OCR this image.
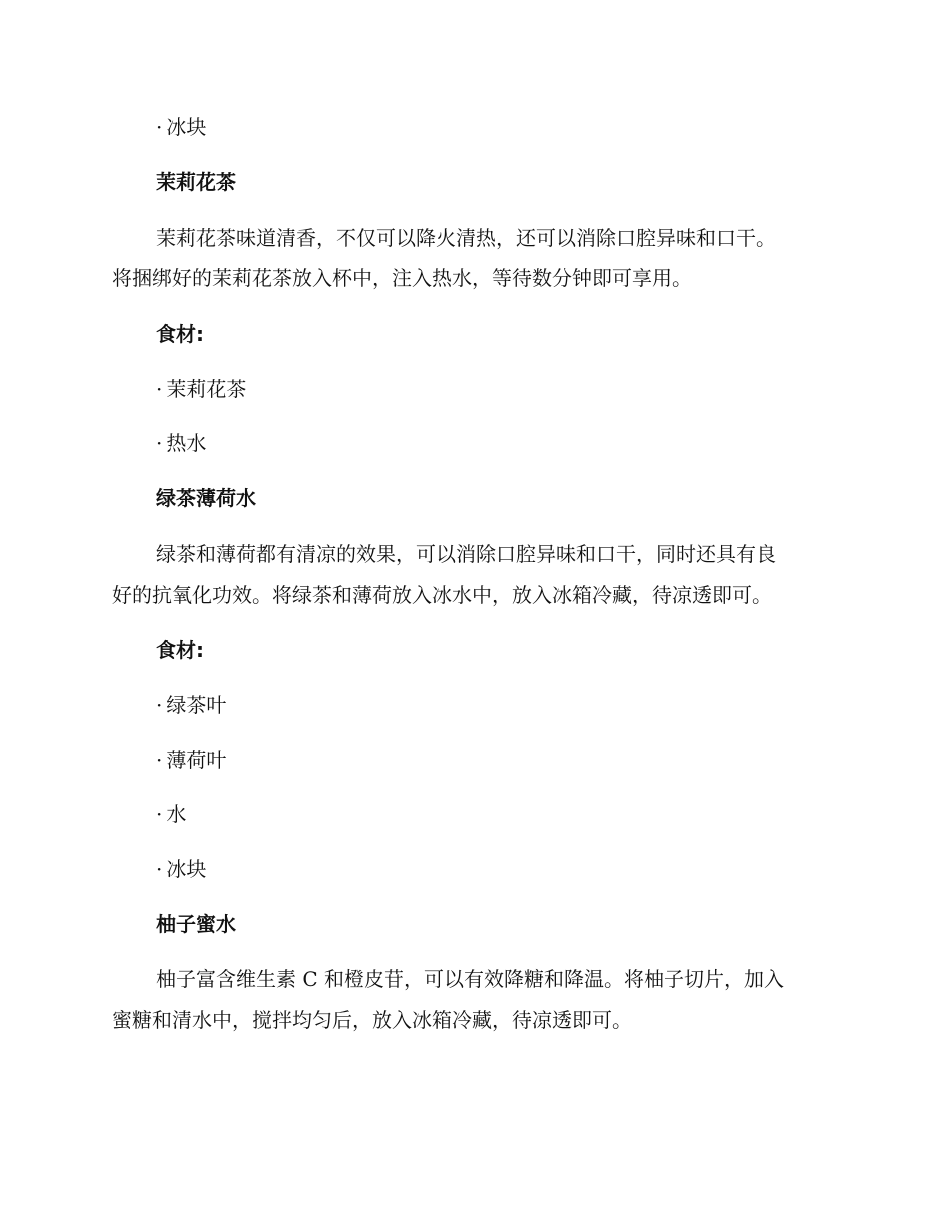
· 冰块
茉莉花茶
茉莉花茶味道清香，不仅可以降火清热，还可以消除口腔异味和口干。
将捆绑好的茉莉花茶放入杯中，注入热水，等待数分钟即可享用。
食材:
· 茉莉花茶
· 热水
绿茶薄荷水
绿茶和薄荷都有清凉的效果，可以消除口腔异味和口干，同时还具有良
好的抗氧化功效。将绿茶和薄荷放入冰水中，放入冰箱冷藏，待凉透即可。
食材:
· 绿茶叶
· 薄荷叶
· 水
· 冰块
柚子蜜水
柚子富含维生素 C 和橙皮苷，可以有效降糖和降温。将柚子切片，加入
蜜糖和清水中，搅拌均匀后，放入冰箱冷藏，待凉透即可。
